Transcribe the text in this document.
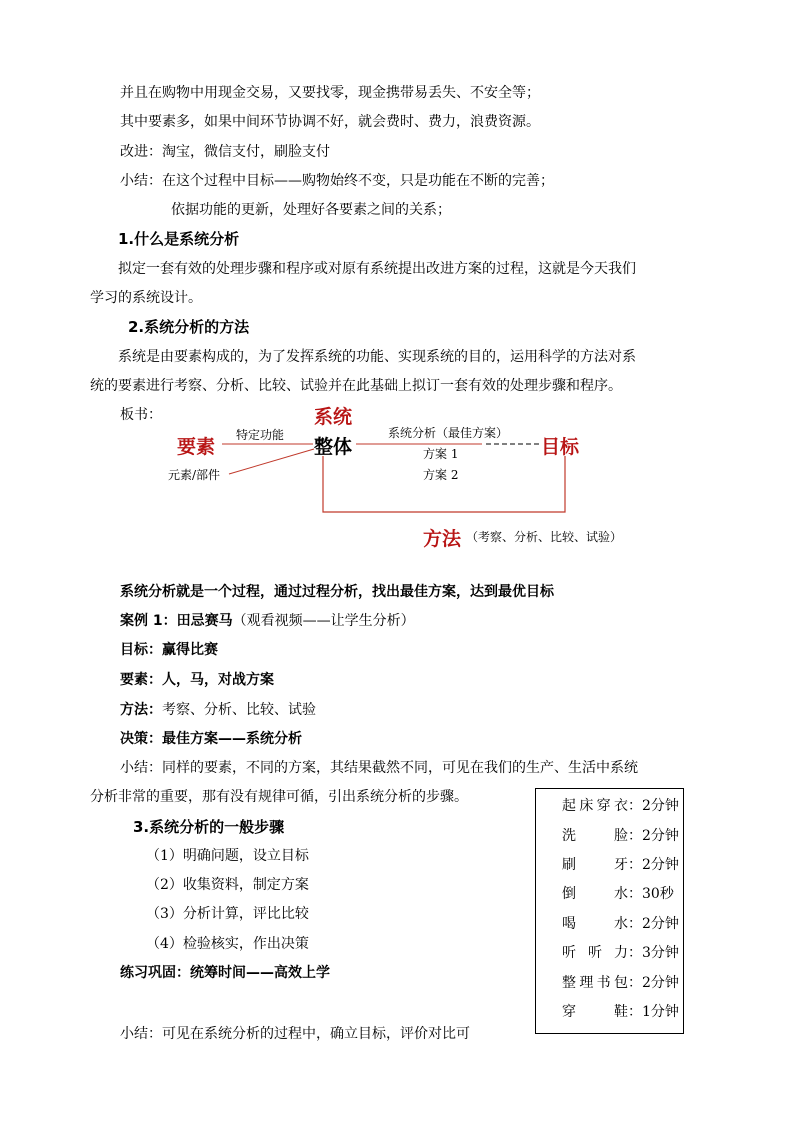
并且在购物中用现金交易，又要找零，现金携带易丢失、不安全等；
其中要素多，如果中间环节协调不好，就会费时、费力，浪费资源。
改进：淘宝，微信支付，刷脸支付
小结：在这个过程中目标——购物始终不变，只是功能在不断的完善；
依据功能的更新，处理好各要素之间的关系；
1.什么是系统分析
拟定一套有效的处理步骤和程序或对原有系统提出改进方案的过程，这就是今天我们
学习的系统设计。
2.系统分析的方法
系统是由要素构成的，为了发挥系统的功能、实现系统的目的，运用科学的方法对系
统的要素进行考察、分析、比较、试验并在此基础上拟订一套有效的处理步骤和程序。
板书：	系统
要素
特定功能
整体
系统分析（最佳方案）
方案 1
方案 2
目标
元素/部件
方法 （考察、分析、比较、试验）
系统分析就是一个过程，通过过程分析，找出最佳方案，达到最优目标
案例 1：田忌赛马（观看视频——让学生分析）
目标：赢得比赛
要素：人，马，对战方案
方法：考察、分析、比较、试验
决策：最佳方案——系统分析
小结：同样的要素，不同的方案，其结果截然不同，可见在我们的生产、生活中系统
分析非常的重要，那有没有规律可循，引出系统分析的步骤。
3.系统分析的一般步骤
（1）明确问题，设立目标
（2）收集资料，制定方案
（3）分析计算，评比比较
（4）检验核实，作出决策
练习巩固：统筹时间——高效上学
小结：可见在系统分析的过程中，确立目标，评价对比可
起床穿衣：2分钟
洗脸：2分钟
刷牙：2分钟
倒水：30秒
喝水：2分钟
听听力：3分钟
整理书包：2分钟
穿鞋：1分钟
